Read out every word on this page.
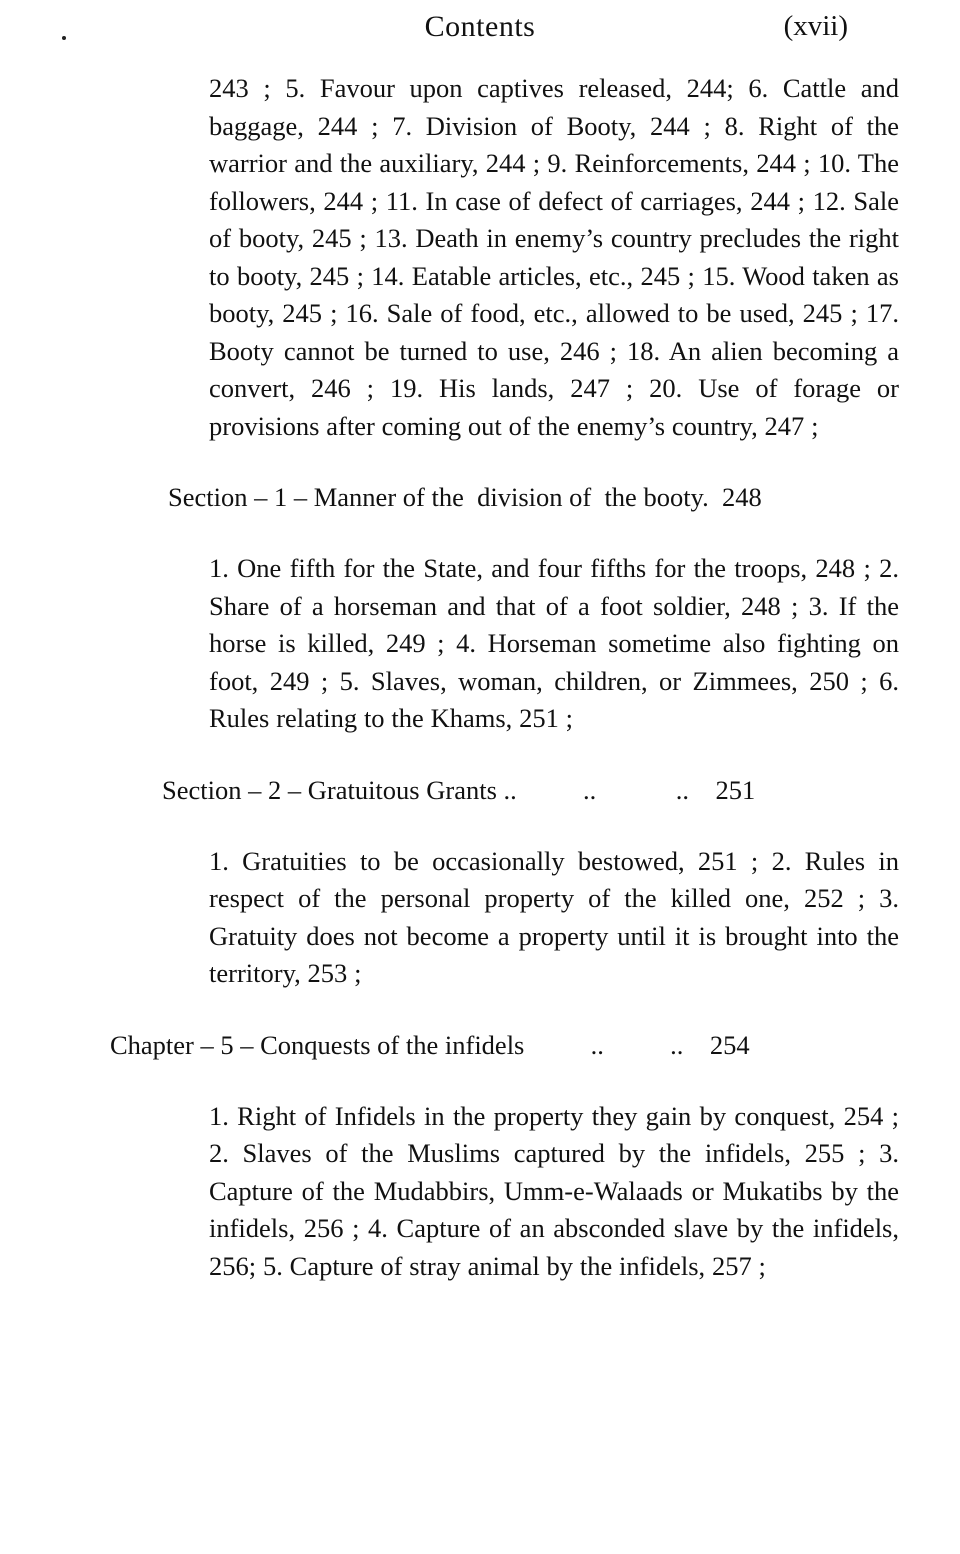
Contents	(xvii)

243 ; 5. Favour upon captives released, 244; 6. Cattle and baggage, 244 ; 7. Division of Booty, 244 ; 8. Right of the warrior and the auxiliary, 244 ; 9. Reinforcements, 244 ; 10. The followers, 244 ; 11. In case of defect of carriages, 244 ; 12. Sale of booty, 245 ; 13. Death in enemy’s country precludes the right to booty, 245 ; 14. Eatable articles, etc., 245 ; 15. Wood taken as booty, 245 ; 16. Sale of food, etc., allowed to be used, 245 ; 17. Booty cannot be turned to use, 246 ; 18. An alien becoming a convert, 246 ; 19. His lands, 247 ; 20. Use of forage or provisions after coming out of the enemy’s country, 247 ;

Section – 1 – Manner of the  division of  the booty.  248

1. One fifth for the State, and four fifths for the troops, 248 ; 2. Share of a horseman and that of a foot soldier, 248 ; 3. If the horse is killed, 249 ; 4. Horseman sometime also fighting on foot, 249 ; 5. Slaves, woman, children, or Zimmees, 250 ; 6. Rules relating to the Khams, 251 ;

Section – 2 – Gratuitous Grants ..          ..            ..    251

1. Gratuities to be occasionally bestowed, 251 ; 2. Rules in respect of the personal property of the killed one, 252 ; 3. Gratuity does not become a property until it is brought into the territory, 253 ;

Chapter – 5 – Conquests of the infidels          ..          ..    254

1. Right of Infidels in the property they gain by conquest, 254 ; 2. Slaves of the Muslims captured by the infidels, 255 ; 3. Capture of the Mudabbirs, Umm-e-Walaads or Mukatibs by the infidels, 256 ; 4. Capture of an absconded slave by the infidels, 256; 5. Capture of stray animal by the infidels, 257 ;
